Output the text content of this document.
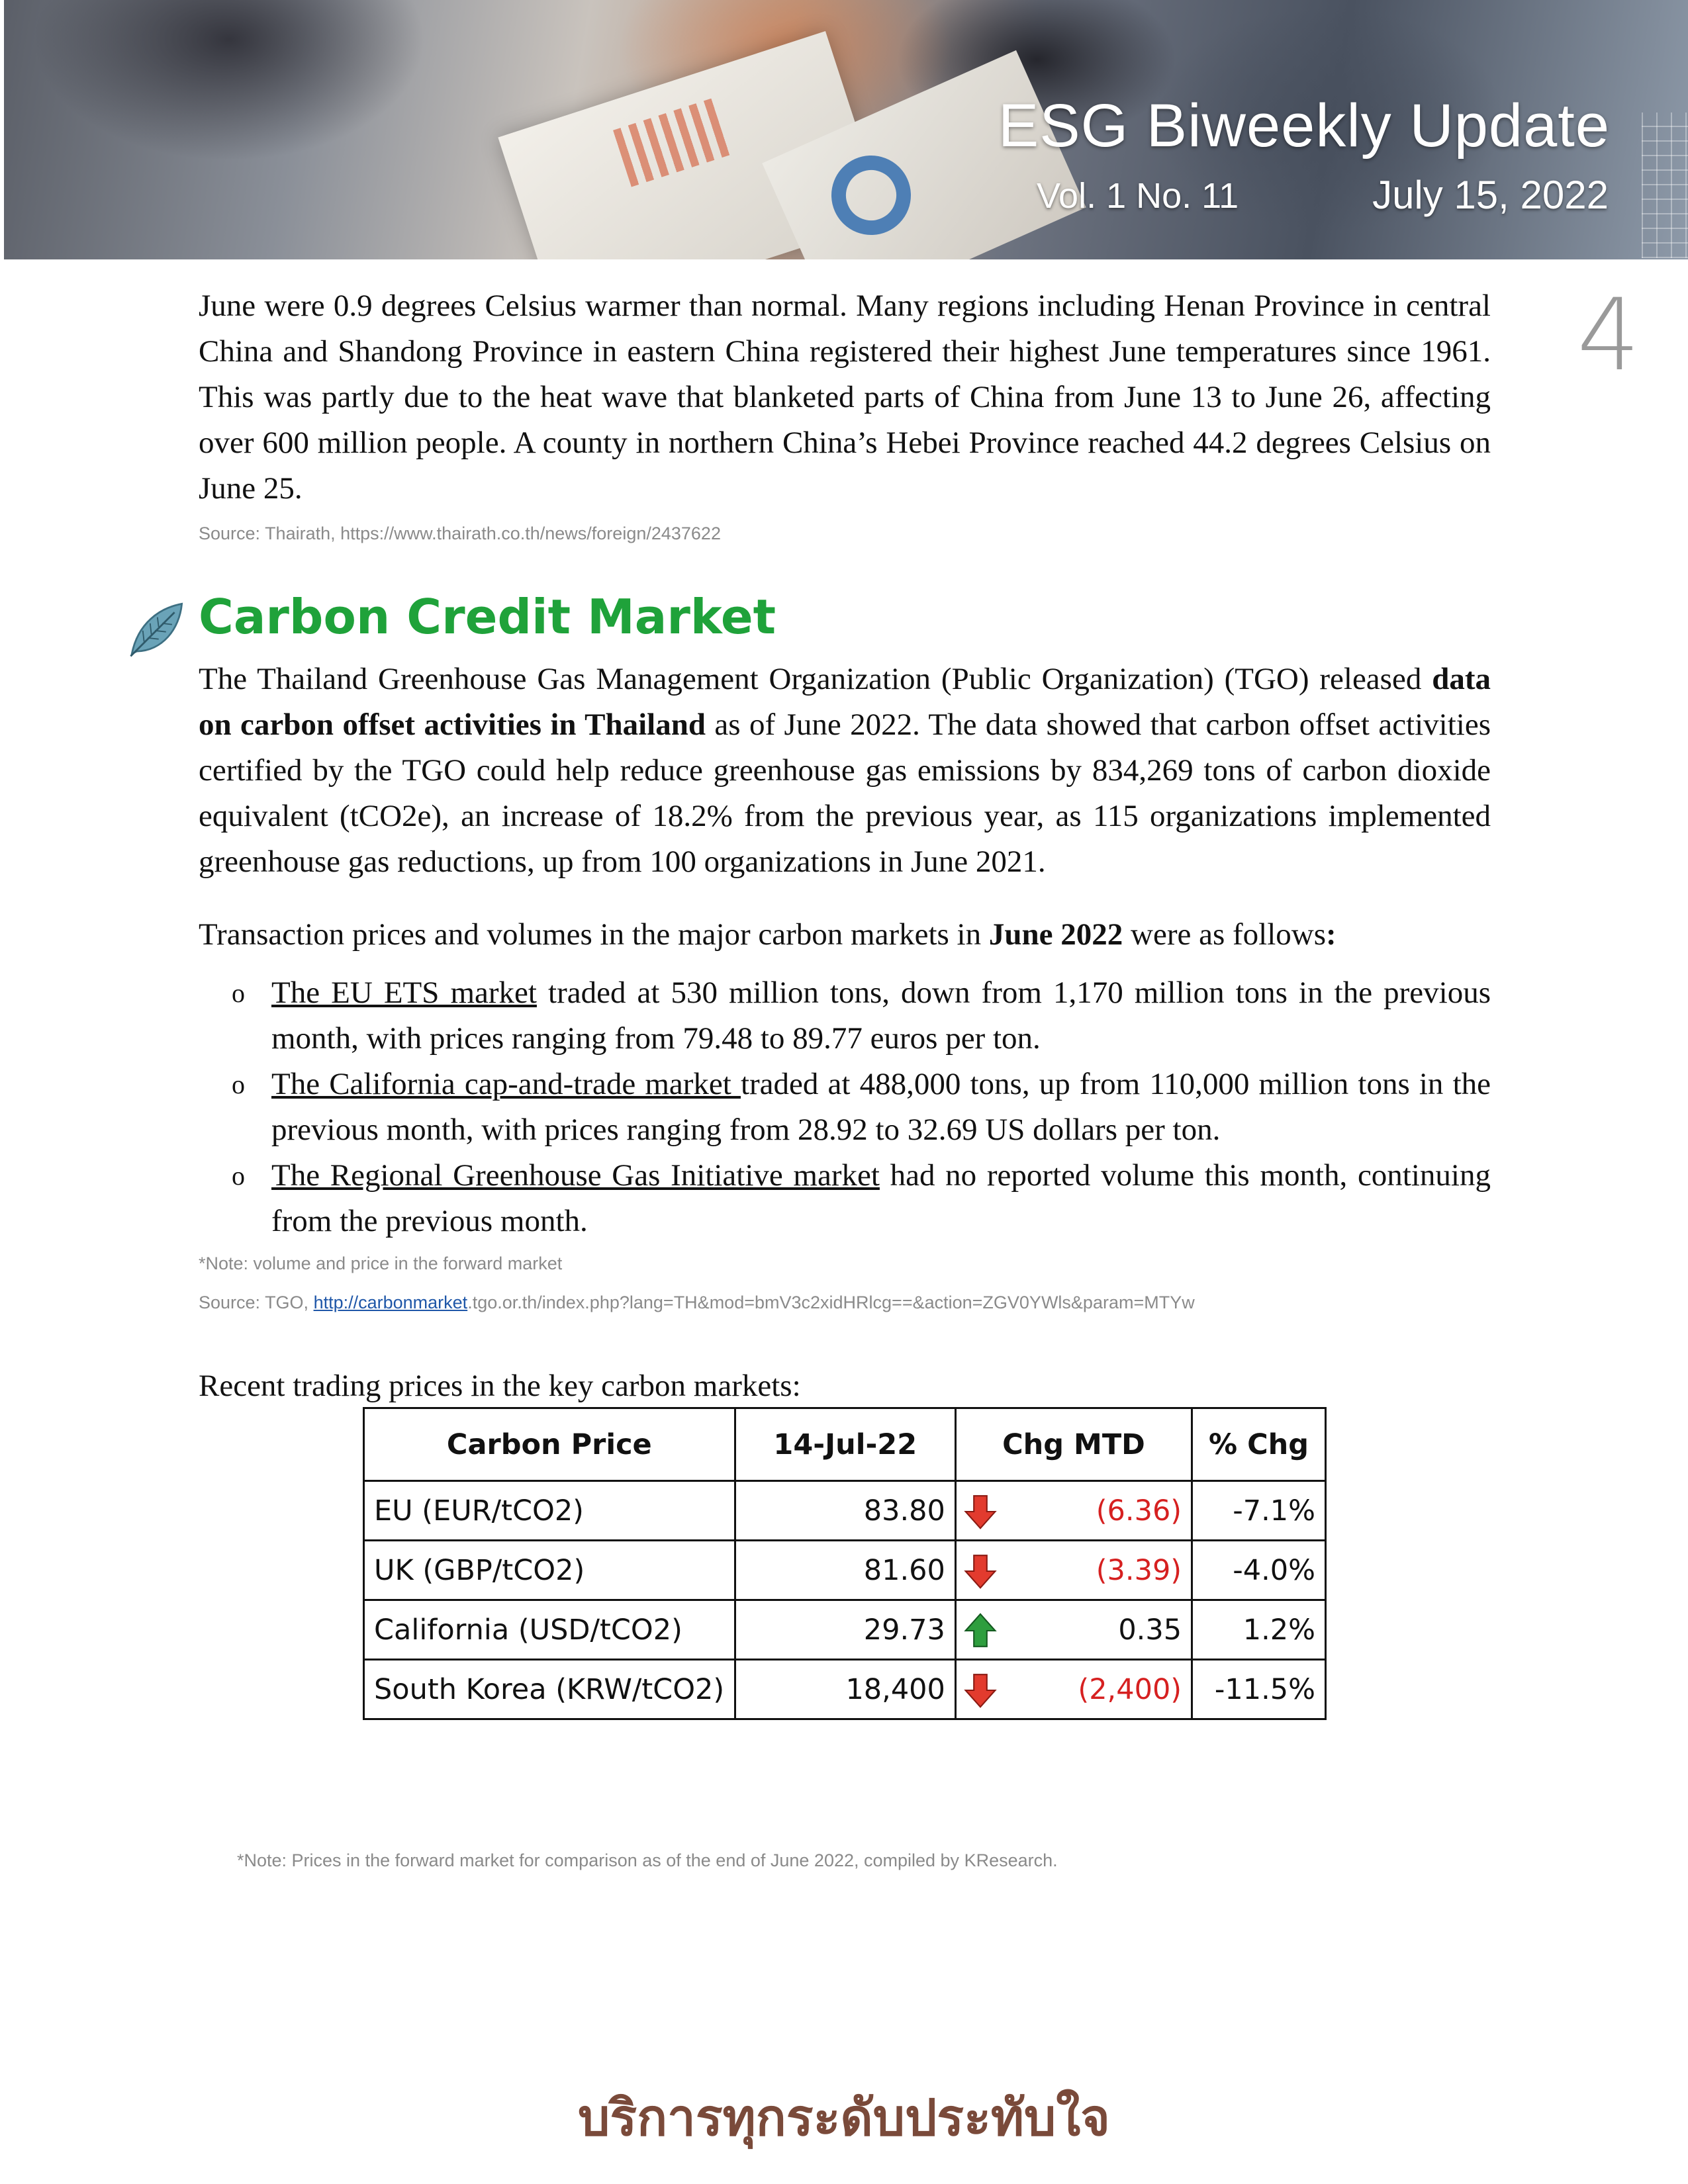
ESG Biweekly Update
Vol. 1 No. 11	July 15, 2022
4

June were 0.9 degrees Celsius warmer than normal. Many regions including Henan Province in central China and Shandong Province in eastern China registered their highest June temperatures since 1961. This was partly due to the heat wave that blanketed parts of China from June 13 to June 26, affecting over 600 million people. A county in northern China’s Hebei Province reached 44.2 degrees Celsius on June 25.

Source: Thairath, https://www.thairath.co.th/news/foreign/2437622

Carbon Credit Market

The Thailand Greenhouse Gas Management Organization (Public Organization) (TGO) released data on carbon offset activities in Thailand as of June 2022. The data showed that carbon offset activities certified by the TGO could help reduce greenhouse gas emissions by 834,269 tons of carbon dioxide equivalent (tCO2e), an increase of 18.2% from the previous year, as 115 organizations implemented greenhouse gas reductions, up from 100 organizations in June 2021.

Transaction prices and volumes in the major carbon markets in June 2022 were as follows:

o The EU ETS market traded at 530 million tons, down from 1,170 million tons in the previous month, with prices ranging from 79.48 to 89.77 euros per ton.
o The California cap-and-trade market traded at 488,000 tons, up from 110,000 million tons in the previous month, with prices ranging from 28.92 to 32.69 US dollars per ton.
o The Regional Greenhouse Gas Initiative market had no reported volume this month, continuing from the previous month.

*Note: volume and price in the forward market

Source: TGO, http://carbonmarket.tgo.or.th/index.php?lang=TH&mod=bmV3c2xidHRlcg==&action=ZGV0YWls&param=MTYw

Recent trading prices in the key carbon markets:

Carbon Price	14-Jul-22	Chg MTD	% Chg
EU (EUR/tCO2)	83.80	(6.36)	-7.1%
UK (GBP/tCO2)	81.60	(3.39)	-4.0%
California (USD/tCO2)	29.73	0.35	1.2%
South Korea (KRW/tCO2)	18,400	(2,400)	-11.5%
*Note: Prices in the forward market for comparison as of the end of June 2022, compiled by KResearch.
บริการทุกระดับประทับใจ
